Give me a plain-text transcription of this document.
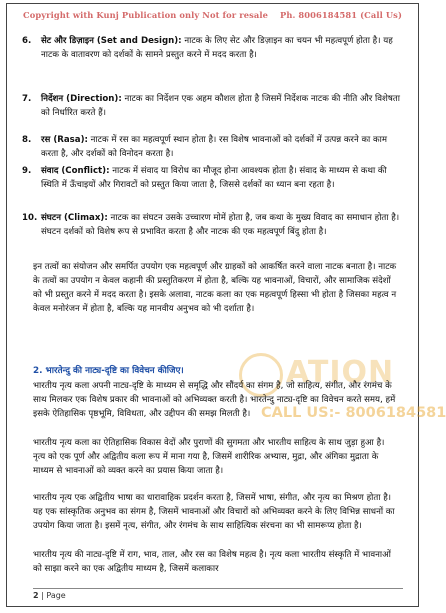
Copyright with Kunj Publication only Not for resale Ph. 8006184581 (Call Us)
ATION
CALL US:- 8006184581
6. सेट और डिज़ाइन (Set and Design): नाटक के लिए सेट और डिज़ाइन का चयन भी महत्वपूर्ण होता है। यह नाटक के वातावरण को दर्शकों के सामने प्रस्तुत करने में मदद करता है।
7. निर्देशन (Direction): नाटक का निर्देशन एक अहम कौशल होता है जिसमें निर्देशक नाटक की नीति और विशेषता को निर्धारित करते हैं।
8. रस (Rasa): नाटक में रस का महत्वपूर्ण स्थान होता है। रस विशेष भावनाओं को दर्शकों में उत्पन्न करने का काम करता है, और दर्शकों को विनोदन करता है।
9. संवाद (Conflict): नाटक में संवाद या विरोध का मौजूद होना आवश्यक होता है। संवाद के माध्यम से कथा की स्थिति में ऊँचाइयों और गिरावटों को प्रस्तुत किया जाता है, जिससे दर्शकों का ध्यान बना रहता है।
10. संघटन (Climax): नाटक का संघटन उसके उच्चारण मोमें होता है, जब कथा के मुख्य विवाद का समाधान होता है। संघटन दर्शकों को विशेष रूप से प्रभावित करता है और नाटक की एक महत्वपूर्ण बिंदु होता है।
इन तत्वों का संयोजन और समर्पित उपयोग एक महत्वपूर्ण और ग्राहकों को आकर्षित करने वाला नाटक बनाता है। नाटक के तत्वों का उपयोग न केवल कहानी की प्रस्तुतिकरण में होता है, बल्कि यह भावनाओं, विचारों, और सामाजिक संदेशों को भी प्रस्तुत करने में मदद करता है। इसके अलावा, नाटक कला का एक महत्वपूर्ण हिस्सा भी होता है जिसका महत्व न केवल मनोरंजन में होता है, बल्कि यह मानवीय अनुभव को भी दर्शाता है।
2. भारतेन्दु की नाट्य-दृष्टि का विवेचन कीजिए।
भारतीय नृत्य कला अपनी नाट्य-दृष्टि के माध्यम से समृद्धि और सौंदर्य का संगम है, जो साहित्य, संगीत, और रंगमंच के साथ मिलकर एक विशेष प्रकार की भावनाओं को अभिव्यक्त करती है। भारतेन्दु नाट्य-दृष्टि का विवेचन करते समय, हमें इसके ऐतिहासिक पृष्ठभूमि, विविधता, और उद्दीपन की समझ मिलती है।
भारतीय नृत्य कला का ऐतिहासिक विकास वेदों और पुराणों की सुगमता और भारतीय साहित्य के साथ जुड़ा हुआ है। नृत्य को एक पूर्ण और अद्वितीय कला रूप में माना गया है, जिसमें शारीरिक अभ्यास, मुद्रा, और अंगिका मुद्राता के माध्यम से भावनाओं को व्यक्त करने का प्रयास किया जाता है।
भारतीय नृत्य एक अद्वितीय भाषा का धारावाहिक प्रदर्शन करता है, जिसमें भाषा, संगीत, और नृत्य का मिश्रण होता है। यह एक सांस्कृतिक अनुभव का संगम है, जिसमें भावनाओं और विचारों को अभिव्यक्त करने के लिए विभिन्न साधनों का उपयोग किया जाता है। इसमें नृत्य, संगीत, और रंगमंच के साथ साहित्यिक संरचना का भी सामरूप्य होता है।
भारतीय नृत्य की नाट्य-दृष्टि में राग, भाव, ताल, और रस का विशेष महत्व है। नृत्य कला भारतीय संस्कृति में भावनाओं को साझा करने का एक अद्वितीय माध्यम है, जिसमें कलाकार
2 | Page
